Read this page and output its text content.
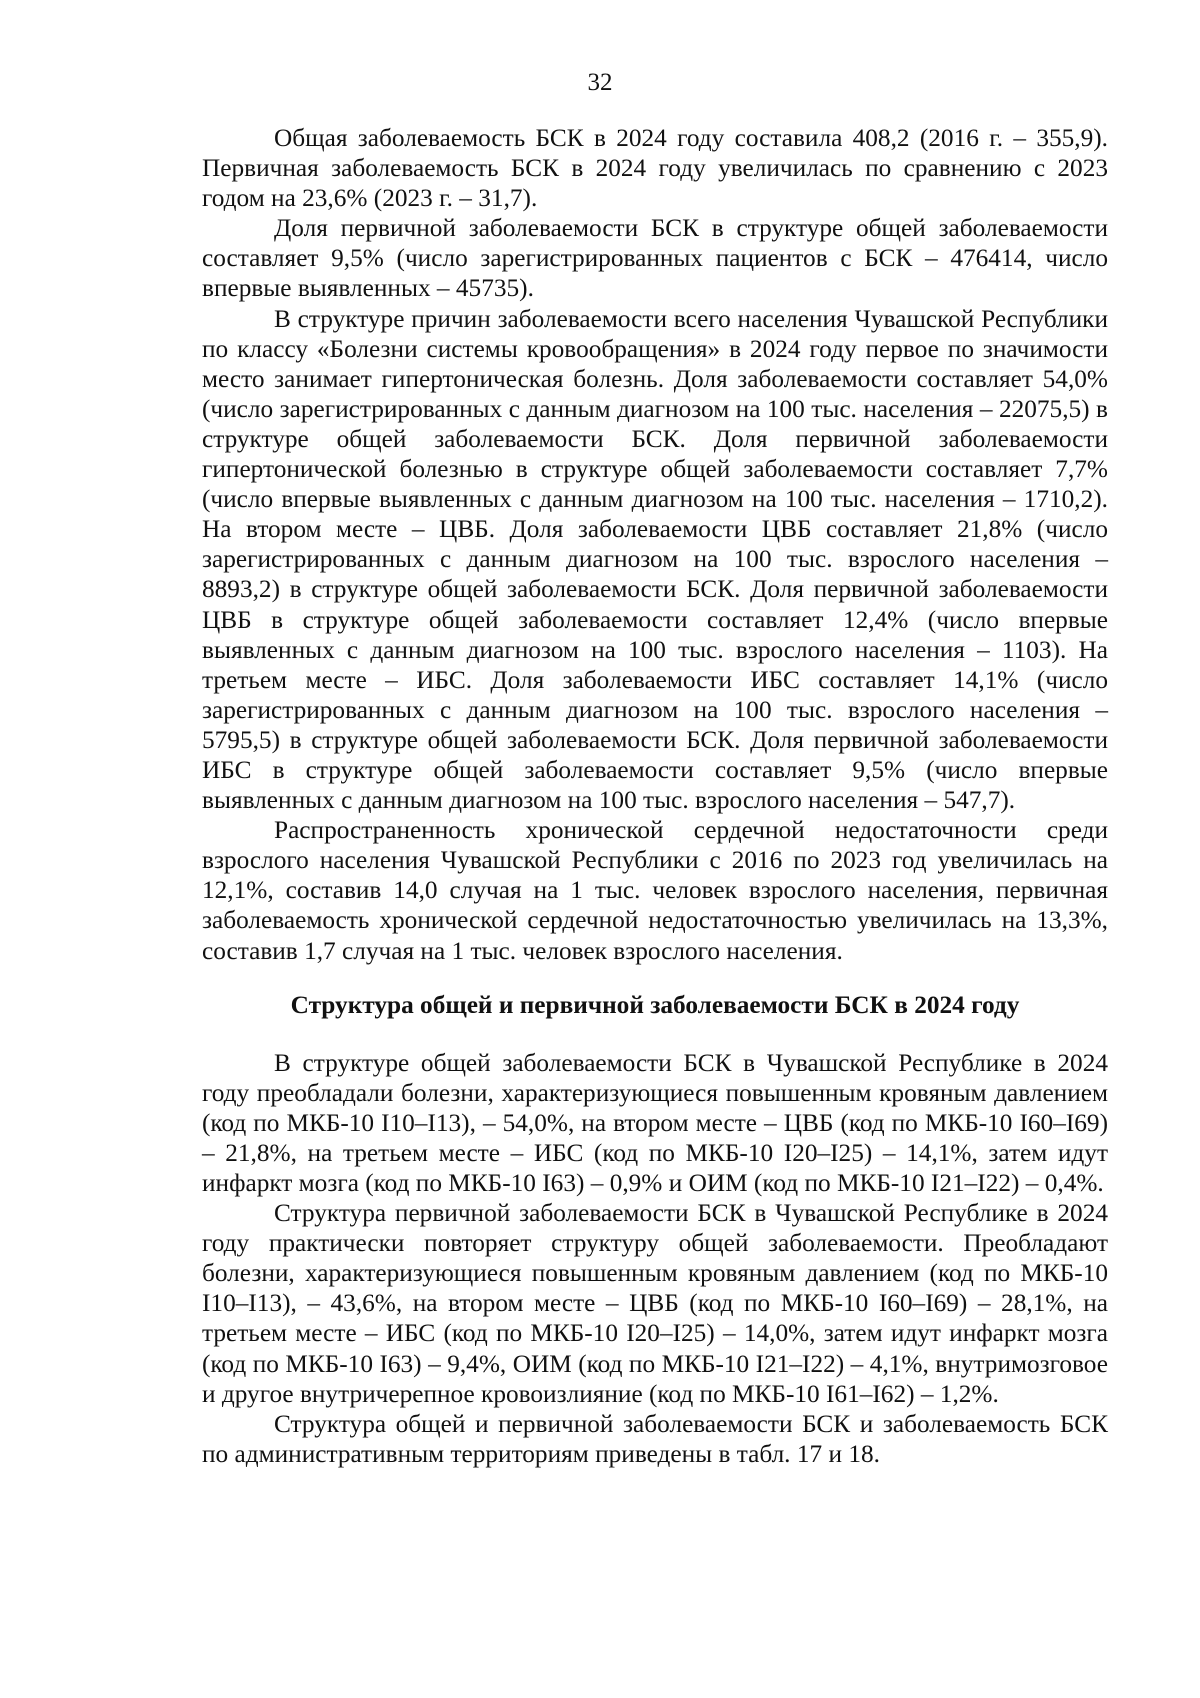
32

Общая заболеваемость БСК в 2024 году составила 408,2 (2016 г. – 355,9). Первичная заболеваемость БСК в 2024 году увеличилась по сравнению с 2023 годом на 23,6% (2023 г. – 31,7).

Доля первичной заболеваемости БСК в структуре общей заболеваемости составляет 9,5% (число зарегистрированных пациентов с БСК – 476414, число впервые выявленных – 45735).

В структуре причин заболеваемости всего населения Чувашской Республики по классу «Болезни системы кровообращения» в 2024 году первое по значимости место занимает гипертоническая болезнь. Доля заболеваемости составляет 54,0% (число зарегистрированных с данным диагнозом на 100 тыс. населения – 22075,5) в структуре общей заболеваемости БСК. Доля первичной заболеваемости гипертонической болезнью в структуре общей заболеваемости составляет 7,7% (число впервые выявленных с данным диагнозом на 100 тыс. населения – 1710,2). На втором месте – ЦВБ. Доля заболеваемости ЦВБ составляет 21,8% (число зарегистрированных с данным диагнозом на 100 тыс. взрослого населения – 8893,2) в структуре общей заболеваемости БСК. Доля первичной заболеваемости ЦВБ в структуре общей заболеваемости составляет 12,4% (число впервые выявленных с данным диагнозом на 100 тыс. взрослого населения – 1103). На третьем месте – ИБС. Доля заболеваемости ИБС составляет 14,1% (число зарегистрированных с данным диагнозом на 100 тыс. взрослого населения – 5795,5) в структуре общей заболеваемости БСК. Доля первичной заболеваемости ИБС в структуре общей заболеваемости составляет 9,5% (число впервые выявленных с данным диагнозом на 100 тыс. взрослого населения – 547,7).

Распространенность хронической сердечной недостаточности среди взрослого населения Чувашской Республики с 2016 по 2023 год увеличилась на 12,1%, составив 14,0 случая на 1 тыс. человек взрослого населения, первичная заболеваемость хронической сердечной недостаточностью увеличилась на 13,3%, составив 1,7 случая на 1 тыс. человек взрослого населения.

Структура общей и первичной заболеваемости БСК в 2024 году

В структуре общей заболеваемости БСК в Чувашской Республике в 2024 году преобладали болезни, характеризующиеся повышенным кровяным давлением (код по МКБ-10 I10–I13), – 54,0%, на втором месте – ЦВБ (код по МКБ-10 I60–I69) – 21,8%, на третьем месте – ИБС (код по МКБ-10 I20–I25) – 14,1%, затем идут инфаркт мозга (код по МКБ-10 I63) – 0,9% и ОИМ (код по МКБ-10 I21–I22) – 0,4%.

Структура первичной заболеваемости БСК в Чувашской Республике в 2024 году практически повторяет структуру общей заболеваемости. Преобладают болезни, характеризующиеся повышенным кровяным давлением (код по МКБ-10 I10–I13), – 43,6%, на втором месте – ЦВБ (код по МКБ-10 I60–I69) – 28,1%, на третьем месте – ИБС (код по МКБ-10 I20–I25) – 14,0%, затем идут инфаркт мозга (код по МКБ-10 I63) – 9,4%, ОИМ (код по МКБ-10 I21–I22) – 4,1%, внутримозговое и другое внутричерепное кровоизлияние (код по МКБ-10 I61–I62) – 1,2%.

Структура общей и первичной заболеваемости БСК и заболеваемость БСК по административным территориям приведены в табл. 17 и 18.
